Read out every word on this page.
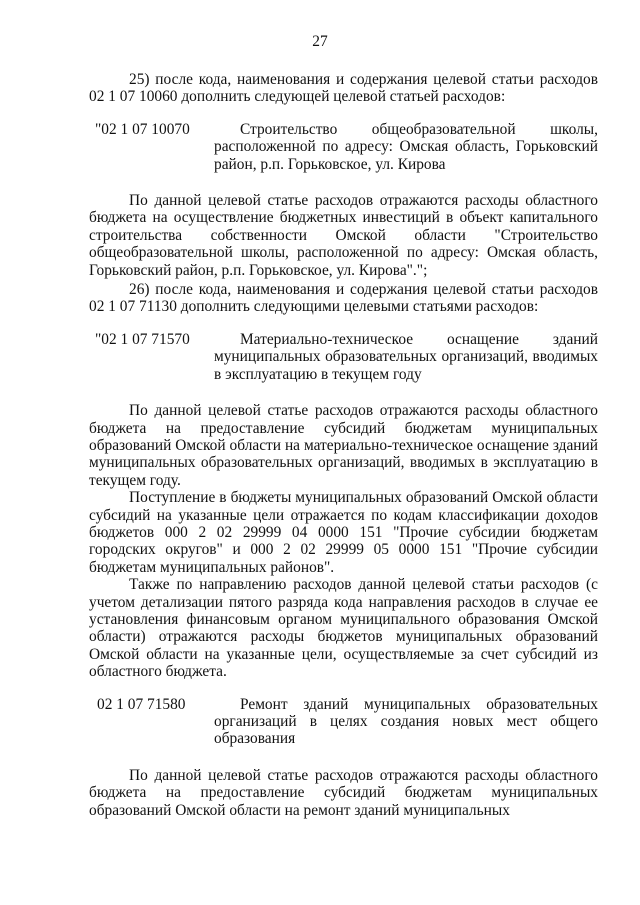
27

25) после кода, наименования и содержания целевой статьи расходов 02 1 07 10060 дополнить следующей целевой статьей расходов:

"02 1 07 10070	Строительство общеобразовательной школы, расположенной по адресу: Омская область, Горьковский район, р.п. Горьковское, ул. Кирова

По данной целевой статье расходов отражаются расходы областного бюджета на осуществление бюджетных инвестиций в объект капитального строительства собственности Омской области "Строительство общеобразовательной школы, расположенной по адресу: Омская область, Горьковский район, р.п. Горьковское, ул. Кирова".";

26) после кода, наименования и содержания целевой статьи расходов 02 1 07 71130 дополнить следующими целевыми статьями расходов:

"02 1 07 71570	Материально-техническое оснащение зданий муниципальных образовательных организаций, вводимых в эксплуатацию в текущем году

По данной целевой статье расходов отражаются расходы областного бюджета на предоставление субсидий бюджетам муниципальных образований Омской области на материально-техническое оснащение зданий муниципальных образовательных организаций, вводимых в эксплуатацию в текущем году.

Поступление в бюджеты муниципальных образований Омской области субсидий на указанные цели отражается по кодам классификации доходов бюджетов 000 2 02 29999 04 0000 151 "Прочие субсидии бюджетам городских округов" и 000 2 02 29999 05 0000 151 "Прочие субсидии бюджетам муниципальных районов".

Также по направлению расходов данной целевой статьи расходов (с учетом детализации пятого разряда кода направления расходов в случае ее установления финансовым органом муниципального образования Омской области) отражаются расходы бюджетов муниципальных образований Омской области на указанные цели, осуществляемые за счет субсидий из областного бюджета.

02 1 07 71580	Ремонт зданий муниципальных образовательных организаций в целях создания новых мест общего образования

По данной целевой статье расходов отражаются расходы областного бюджета на предоставление субсидий бюджетам муниципальных образований Омской области на ремонт зданий муниципальных
